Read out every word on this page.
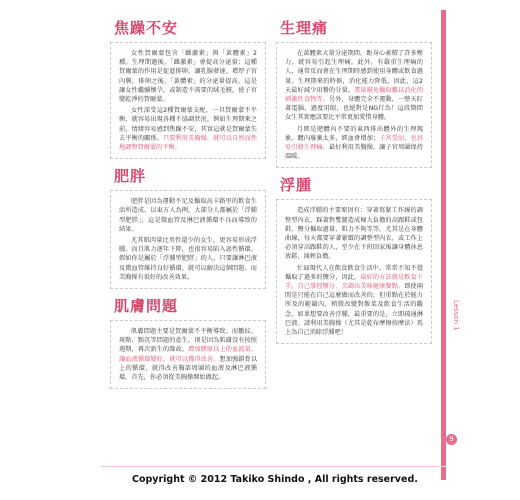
焦躁不安

女性賀爾蒙包含「雌激素」與「黃體素」2種。生理期過後，「雌激素」會提高分泌量；這種賀爾蒙的作用是促進排卵，讓乳腺發達、增厚子宮內膜。排卵之後，「黃體素」的分泌量提高，這是讓女性繼續懷孕，或制造不需要的絨毛膜，使子宮變乾淨的賀爾蒙。

女性深受這2種賀爾蒙支配，一旦賀爾蒙不平衡，就容易出現各種不協調狀況。例如生理期來之前，情緒容易感到焦躁不安，其實這就是賀爾蒙失去平衡的關係。只要利用美胸操，就可以自然而然地調整賀爾蒙的平衡。

肥胖

肥胖是因為運動不足及攝取高卡路里的飲食生活所造成。以東方人為例，大部分人都屬於「浮腫型肥胖」，這是微血管及淋巴液循環不良而導致的結果。

尤其肌肉量比男性還少的女生，更容易形成浮腫。而且肌力逐年下降，也很容易陷入惡性循環。假如你是屬於「浮腫型肥胖」的人，只要讓淋巴液及微血管維持良好循環，就可以解決這個問題。而美胸操有很好的改善效果。

肌膚問題

肌膚問題主要是賀爾蒙不平衡導致。而皺紋、斑點、黯沉等問題的產生，則是因為肌膚沒有按照週期，再次新生的緣故。增加膠原以上的血流量，讓血液循環變好，就可以獲得改善。想加強鎖骨以上的循環，就得改善胸部周圍的血液及淋巴液循環。首先，你必須從美胸操開始做起。

生理痛

在黃體素大量分泌期間，距身心紊積了許多壓力，就容易引起生理痛。此外，有嚴重生理痛的人，通常反而會在生理期時感到使用身體或飲食過量。生理期來的時候，消化能力降低，因此，這2天最好減少用餐的分量。盡量避免攝取難以消化的刺激性食物等。另外，身體完全不運動，一整天盯著電腦，過度用眼，也絕對是NG行為！這段期間女生其實應該要比平常更加愛惜身體。

月經是肥體內不要的東西排出體外的生理現象。體內廢棄太多，經血會增加；子宮受涼，也容易引發生理痛。最好利用美胸操，讓子宮周圍保持溫暖。

浮腫

造成浮腫的主要原因有：穿著寫緊工作線的調整型內衣、踩著對雙腿造成極大負擔的高跟鞋或包鞋、鹽分攝取過量、肌力不夠等等。尤其是在身體曲線，每天都要穿著緊緻的調整型內衣，或工作上必須穿高跟鞋的人，至少在下班回家後讓身體休息放鬆，減輕負擔。

忙碌現代人在飲食飲食生活中，常常不知不覺攝取了過多的鹽分，因此，最好的方法就是飲食下手，自己掌控鹽分，烹調出美味健康餐點。即使兩間是只能在自己這麼做而改善的，但重點在於能力所及的範圍內，稍微改變對飯菜及飲食生活的觀念。如果想要改善浮腫，最重要的是，立即疏通淋巴液。請利用美胸操（尤其是乾布摩擦按摩法）馬上為自己消除浮腫吧！

Lesson 1
9
Copyright © 2012 Takiko Shindo , All rights reserved.
